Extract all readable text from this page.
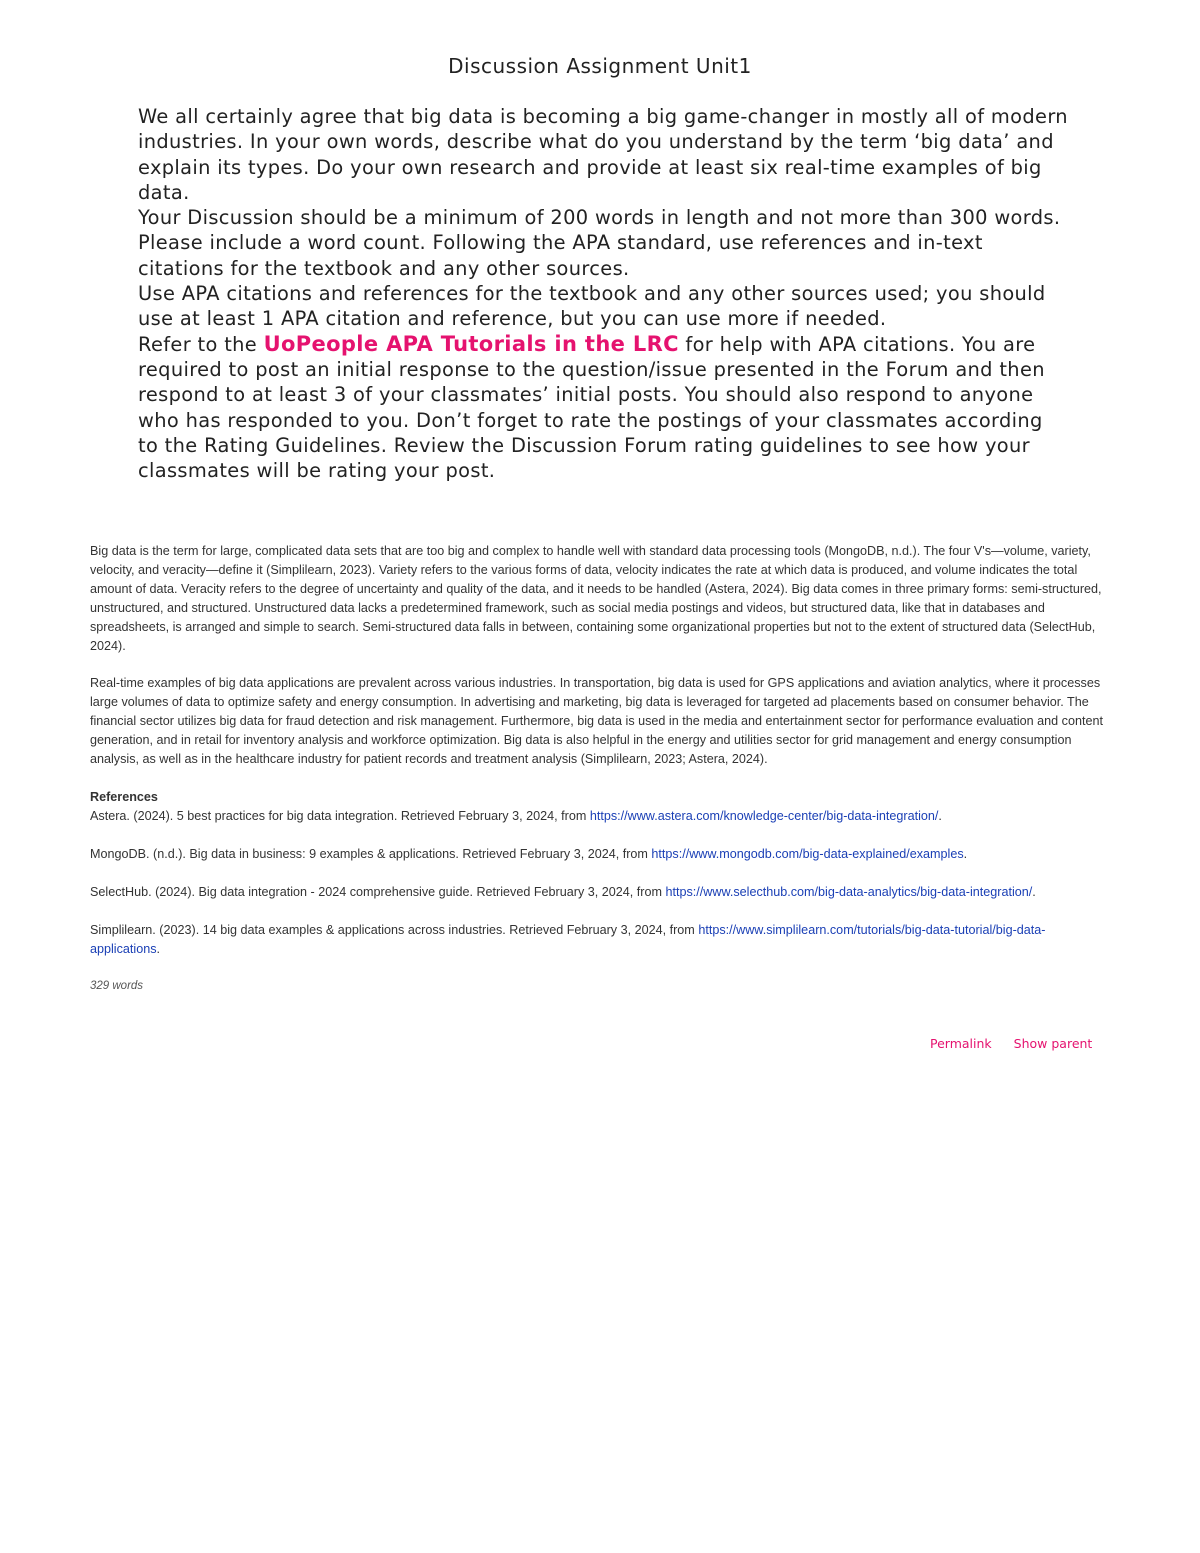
Discussion Assignment Unit1

We all certainly agree that big data is becoming a big game-changer in mostly all of modern industries. In your own words, describe what do you understand by the term ‘big data’ and explain its types. Do your own research and provide at least six real-time examples of big data.

Your Discussion should be a minimum of 200 words in length and not more than 300 words. Please include a word count. Following the APA standard, use references and in-text citations for the textbook and any other sources.

Use APA citations and references for the textbook and any other sources used; you should use at least 1 APA citation and reference, but you can use more if needed.

Refer to the UoPeople APA Tutorials in the LRC for help with APA citations. You are required to post an initial response to the question/issue presented in the Forum and then respond to at least 3 of your classmates’ initial posts. You should also respond to anyone who has responded to you. Don’t forget to rate the postings of your classmates according to the Rating Guidelines. Review the Discussion Forum rating guidelines to see how your classmates will be rating your post.

Big data is the term for large, complicated data sets that are too big and complex to handle well with standard data processing tools (MongoDB, n.d.). The four V's—volume, variety, velocity, and veracity—define it (Simplilearn, 2023). Variety refers to the various forms of data, velocity indicates the rate at which data is produced, and volume indicates the total amount of data. Veracity refers to the degree of uncertainty and quality of the data, and it needs to be handled (Astera, 2024). Big data comes in three primary forms: semi-structured, unstructured, and structured. Unstructured data lacks a predetermined framework, such as social media postings and videos, but structured data, like that in databases and spreadsheets, is arranged and simple to search. Semi-structured data falls in between, containing some organizational properties but not to the extent of structured data (SelectHub, 2024).

Real-time examples of big data applications are prevalent across various industries. In transportation, big data is used for GPS applications and aviation analytics, where it processes large volumes of data to optimize safety and energy consumption. In advertising and marketing, big data is leveraged for targeted ad placements based on consumer behavior. The financial sector utilizes big data for fraud detection and risk management. Furthermore, big data is used in the media and entertainment sector for performance evaluation and content generation, and in retail for inventory analysis and workforce optimization. Big data is also helpful in the energy and utilities sector for grid management and energy consumption analysis, as well as in the healthcare industry for patient records and treatment analysis (Simplilearn, 2023; Astera, 2024).

References

Astera. (2024). 5 best practices for big data integration. Retrieved February 3, 2024, from https://www.astera.com/knowledge-center/big-data-integration/.

MongoDB. (n.d.). Big data in business: 9 examples & applications. Retrieved February 3, 2024, from https://www.mongodb.com/big-data-explained/examples.

SelectHub. (2024). Big data integration - 2024 comprehensive guide. Retrieved February 3, 2024, from https://www.selecthub.com/big-data-analytics/big-data-integration/.

Simplilearn. (2023). 14 big data examples & applications across industries. Retrieved February 3, 2024, from https://www.simplilearn.com/tutorials/big-data-tutorial/big-data-applications.

329 words

Permalink Show parent
